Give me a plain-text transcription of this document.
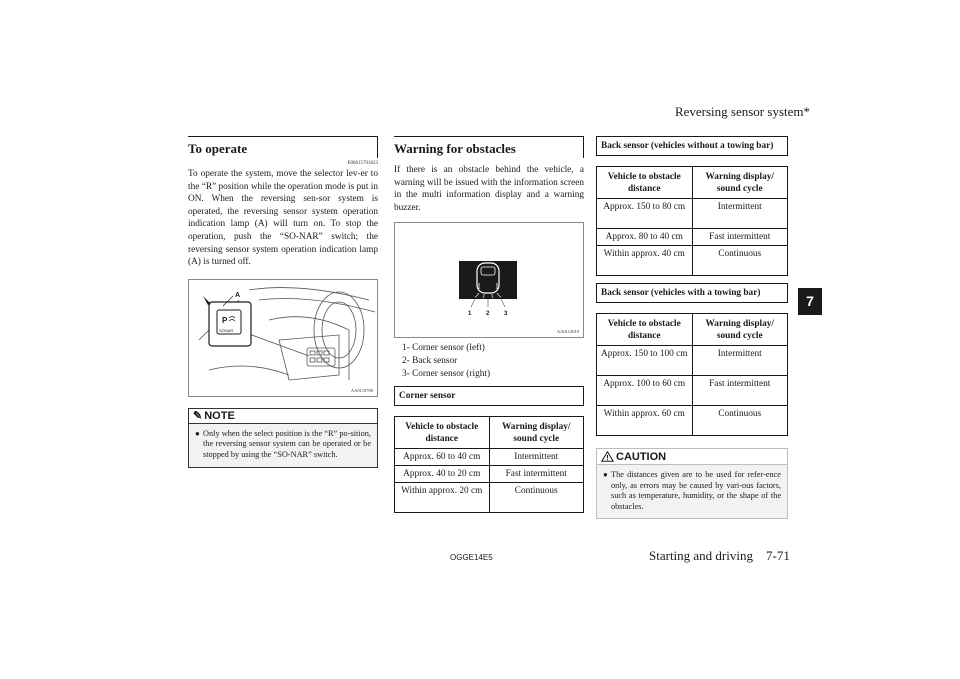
Reversing sensor system*
7
To operate
E00615701823
To operate the system, move the selector lev-er to the “R” position while the operation mode is put in ON. When the reversing sen-sor system is operated, the reversing sensor system operation indication lamp (A) will turn on. To stop the operation, push the “SO-NAR” switch; the reversing sensor system operation indication lamp (A) is turned off.
P
SONAR
A
AA0110780
✎ NOTE
● Only when the select position is the “R” po-sition, the reversing sensor system can be operated or be stopped by using the “SO-NAR” switch.
Warning for obstacles
If there is an obstacle behind the vehicle, a warning will be issued with the information screen in the multi information display and a warning buzzer.
1 2 3
AA0112019
1- Corner sensor (left)
2- Back sensor
3- Corner sensor (right)
Corner sensor
Vehicle to obstacle distance	Warning display/ sound cycle
Approx. 60 to 40 cm	Intermittent
Approx. 40 to 20 cm	Fast intermittent
Within approx. 20 cm	Continuous
Back sensor (vehicles without a towing bar)
Vehicle to obstacle distance	Warning display/ sound cycle
Approx. 150 to 80 cm	Intermittent
Approx. 80 to 40 cm	Fast intermittent
Within approx. 40 cm	Continuous
Back sensor (vehicles with a towing bar)
Vehicle to obstacle distance	Warning display/ sound cycle
Approx. 150 to 100 cm	Intermittent
Approx. 100 to 60 cm	Fast intermittent
Within approx. 60 cm	Continuous
CAUTION
● The distances given are to be used for refer-ence only, as errors may be caused by vari-ous factors, such as temperature, humidity, or the shape of the obstacles.
OGGE14E5	Starting and driving 7-71
